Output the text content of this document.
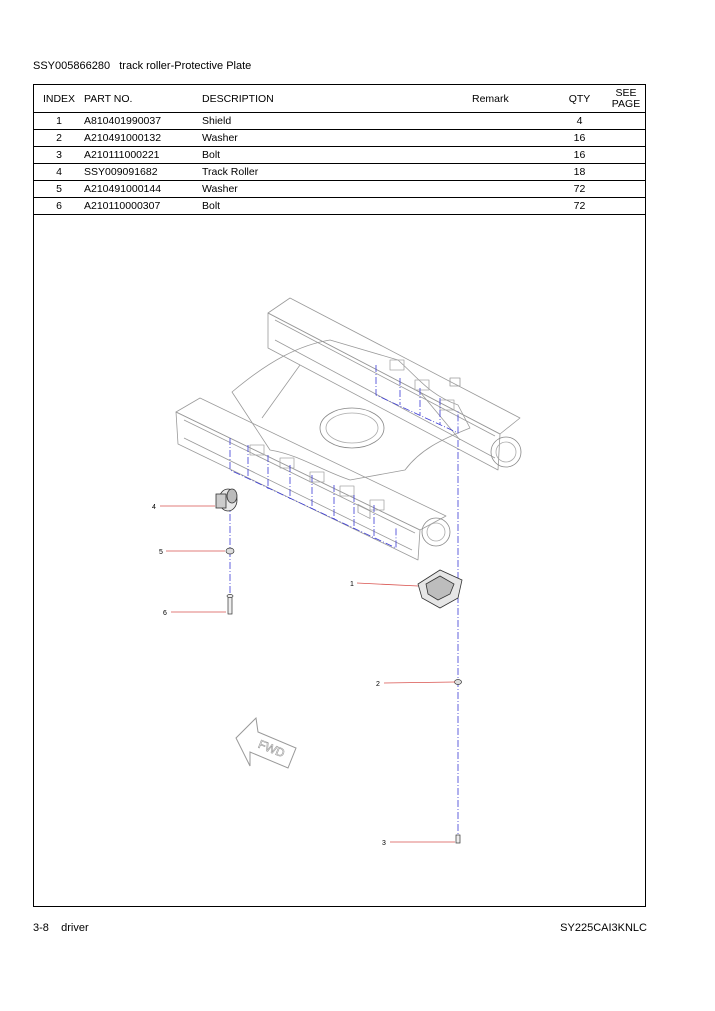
SSY005866280   track roller-Protective Plate
INDEX	PART NO.	DESCRIPTION	Remark	QTY	SEE PAGE
1	A810401990037	Shield		4	
2	A210491000132	Washer		16	
3	A210111000221	Bolt		16	
4	SSY009091682	Track Roller		18	
5	A210491000144	Washer		72	
6	A210110000307	Bolt		72	
4
5
6
1
2
3
FWD
3-8    driver	SY225CAI3KNLC
